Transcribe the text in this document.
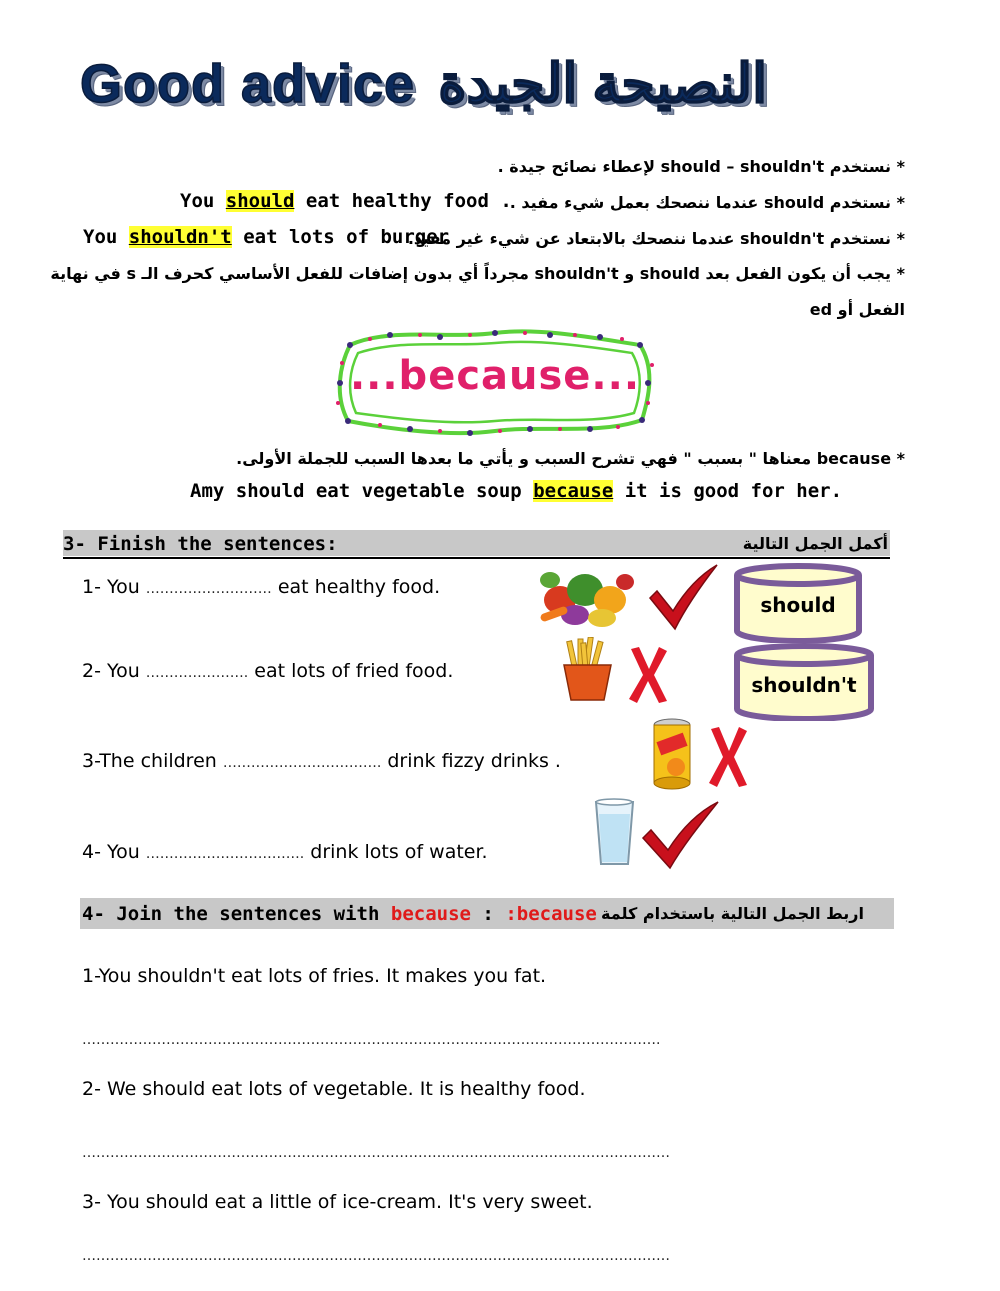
Good advice النصيحة الجيدة
* نستخدم should – shouldn't لإعطاء نصائح جيدة .
* نستخدم should عندما ننصحك بعمل شيء مفيد .
You should eat healthy food .
* نستخدم shouldn't عندما ننصحك بالابتعاد عن شيء غير مفيد.
You shouldn't eat lots of burger
* يجب أن يكون الفعل بعد should و shouldn't مجرداً أي بدون إضافات للفعل الأساسي كحرف الـ s في نهاية
الفعل أو ed
...because...
* because معناها " بسبب " فهي تشرح السبب و يأتي ما بعدها السبب للجملة الأولى.
Amy should eat vegetable soup because it is good for her.
3- Finish the sentences:	أكمل الجمل التالية
1- You ……………………… eat healthy food.
2- You …………………. eat lots of fried food.
3-The children ……………………………. drink fizzy drinks .
4- You ……………………………. drink lots of water.
should
shouldn't
4- Join the sentences with because : :because اربط الجمل التالية باستخدام كلمة
1-You shouldn't eat lots of fries. It makes you fat.
…………………………………………………………………………………………………………….
2- We should eat lots of vegetable. It is healthy food.
………………………………………………………………………………………………………………
3- You should eat a little of ice-cream. It's very sweet.
………………………………………………………………………………………………………………
